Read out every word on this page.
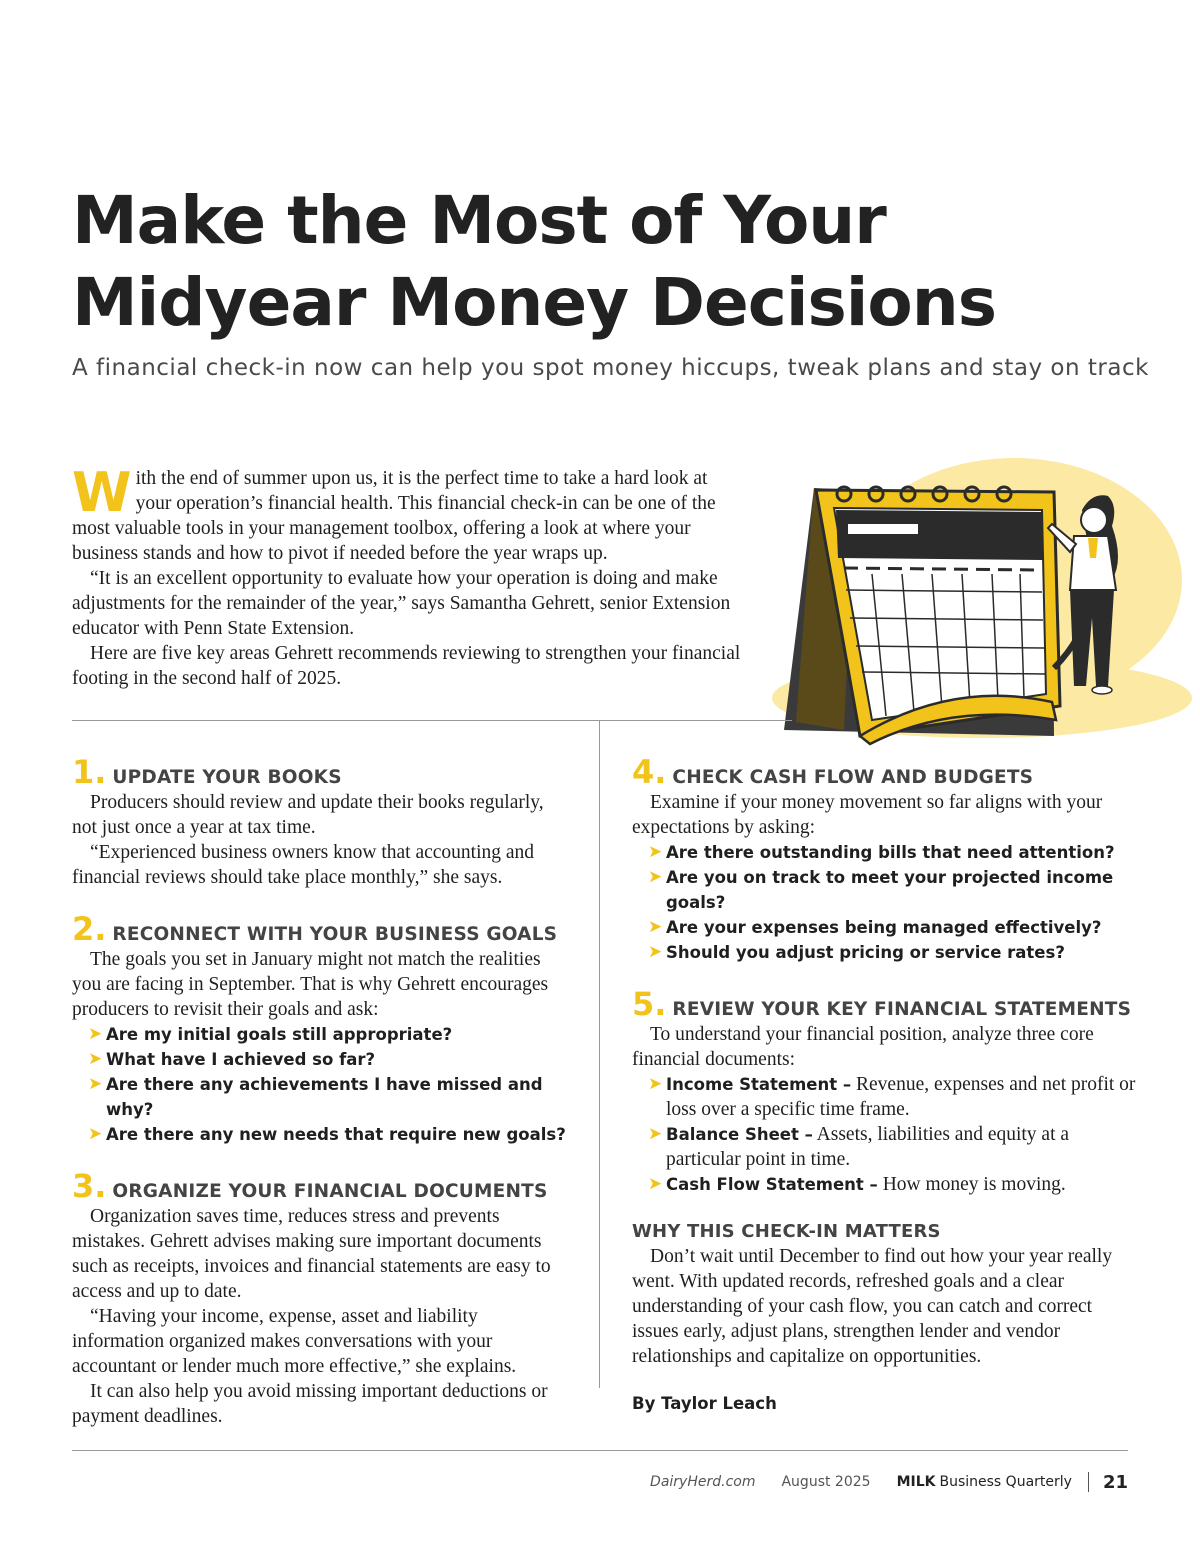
Make the Most of Your Midyear Money Decisions

A financial check-in now can help you spot money hiccups, tweak plans and stay on track

With the end of summer upon us, it is the perfect time to take a hard look at your operation’s financial health. This financial check-in can be one of the most valuable tools in your management toolbox, offering a look at where your business stands and how to pivot if needed before the year wraps up.

“It is an excellent opportunity to evaluate how your operation is doing and make adjustments for the remainder of the year,” says Samantha Gehrett, senior Extension educator with Penn State Extension.

Here are five key areas Gehrett recommends reviewing to strengthen your financial footing in the second half of 2025.

1. UPDATE YOUR BOOKS

Producers should review and update their books regularly, not just once a year at tax time.

“Experienced business owners know that accounting and financial reviews should take place monthly,” she says.

2. RECONNECT WITH YOUR BUSINESS GOALS

The goals you set in January might not match the realities you are facing in September. That is why Gehrett encourages producers to revisit their goals and ask:

➤ Are my initial goals still appropriate?
➤ What have I achieved so far?
➤ Are there any achievements I have missed and why?
➤ Are there any new needs that require new goals?
3. ORGANIZE YOUR FINANCIAL DOCUMENTS

Organization saves time, reduces stress and prevents mistakes. Gehrett advises making sure important documents such as receipts, invoices and financial statements are easy to access and up to date.

“Having your income, expense, asset and liability information organized makes conversations with your accountant or lender much more effective,” she explains.

It can also help you avoid missing important deductions or payment deadlines.

4. CHECK CASH FLOW AND BUDGETS

Examine if your money movement so far aligns with your expectations by asking:

➤ Are there outstanding bills that need attention?
➤ Are you on track to meet your projected income goals?
➤ Are your expenses being managed effectively?
➤ Should you adjust pricing or service rates?
5. REVIEW YOUR KEY FINANCIAL STATEMENTS

To understand your financial position, analyze three core financial documents:

➤ Income Statement – Revenue, expenses and net profit or loss over a specific time frame.
➤ Balance Sheet – Assets, liabilities and equity at a particular point in time.
➤ Cash Flow Statement – How money is moving.

WHY THIS CHECK-IN MATTERS

Don’t wait until December to find out how your year really went. With updated records, refreshed goals and a clear understanding of your cash flow, you can catch and correct issues early, adjust plans, strengthen lender and vendor relationships and capitalize on opportunities.

By Taylor Leach

DairyHerd.com August 2025 MILK Business Quarterly 21
